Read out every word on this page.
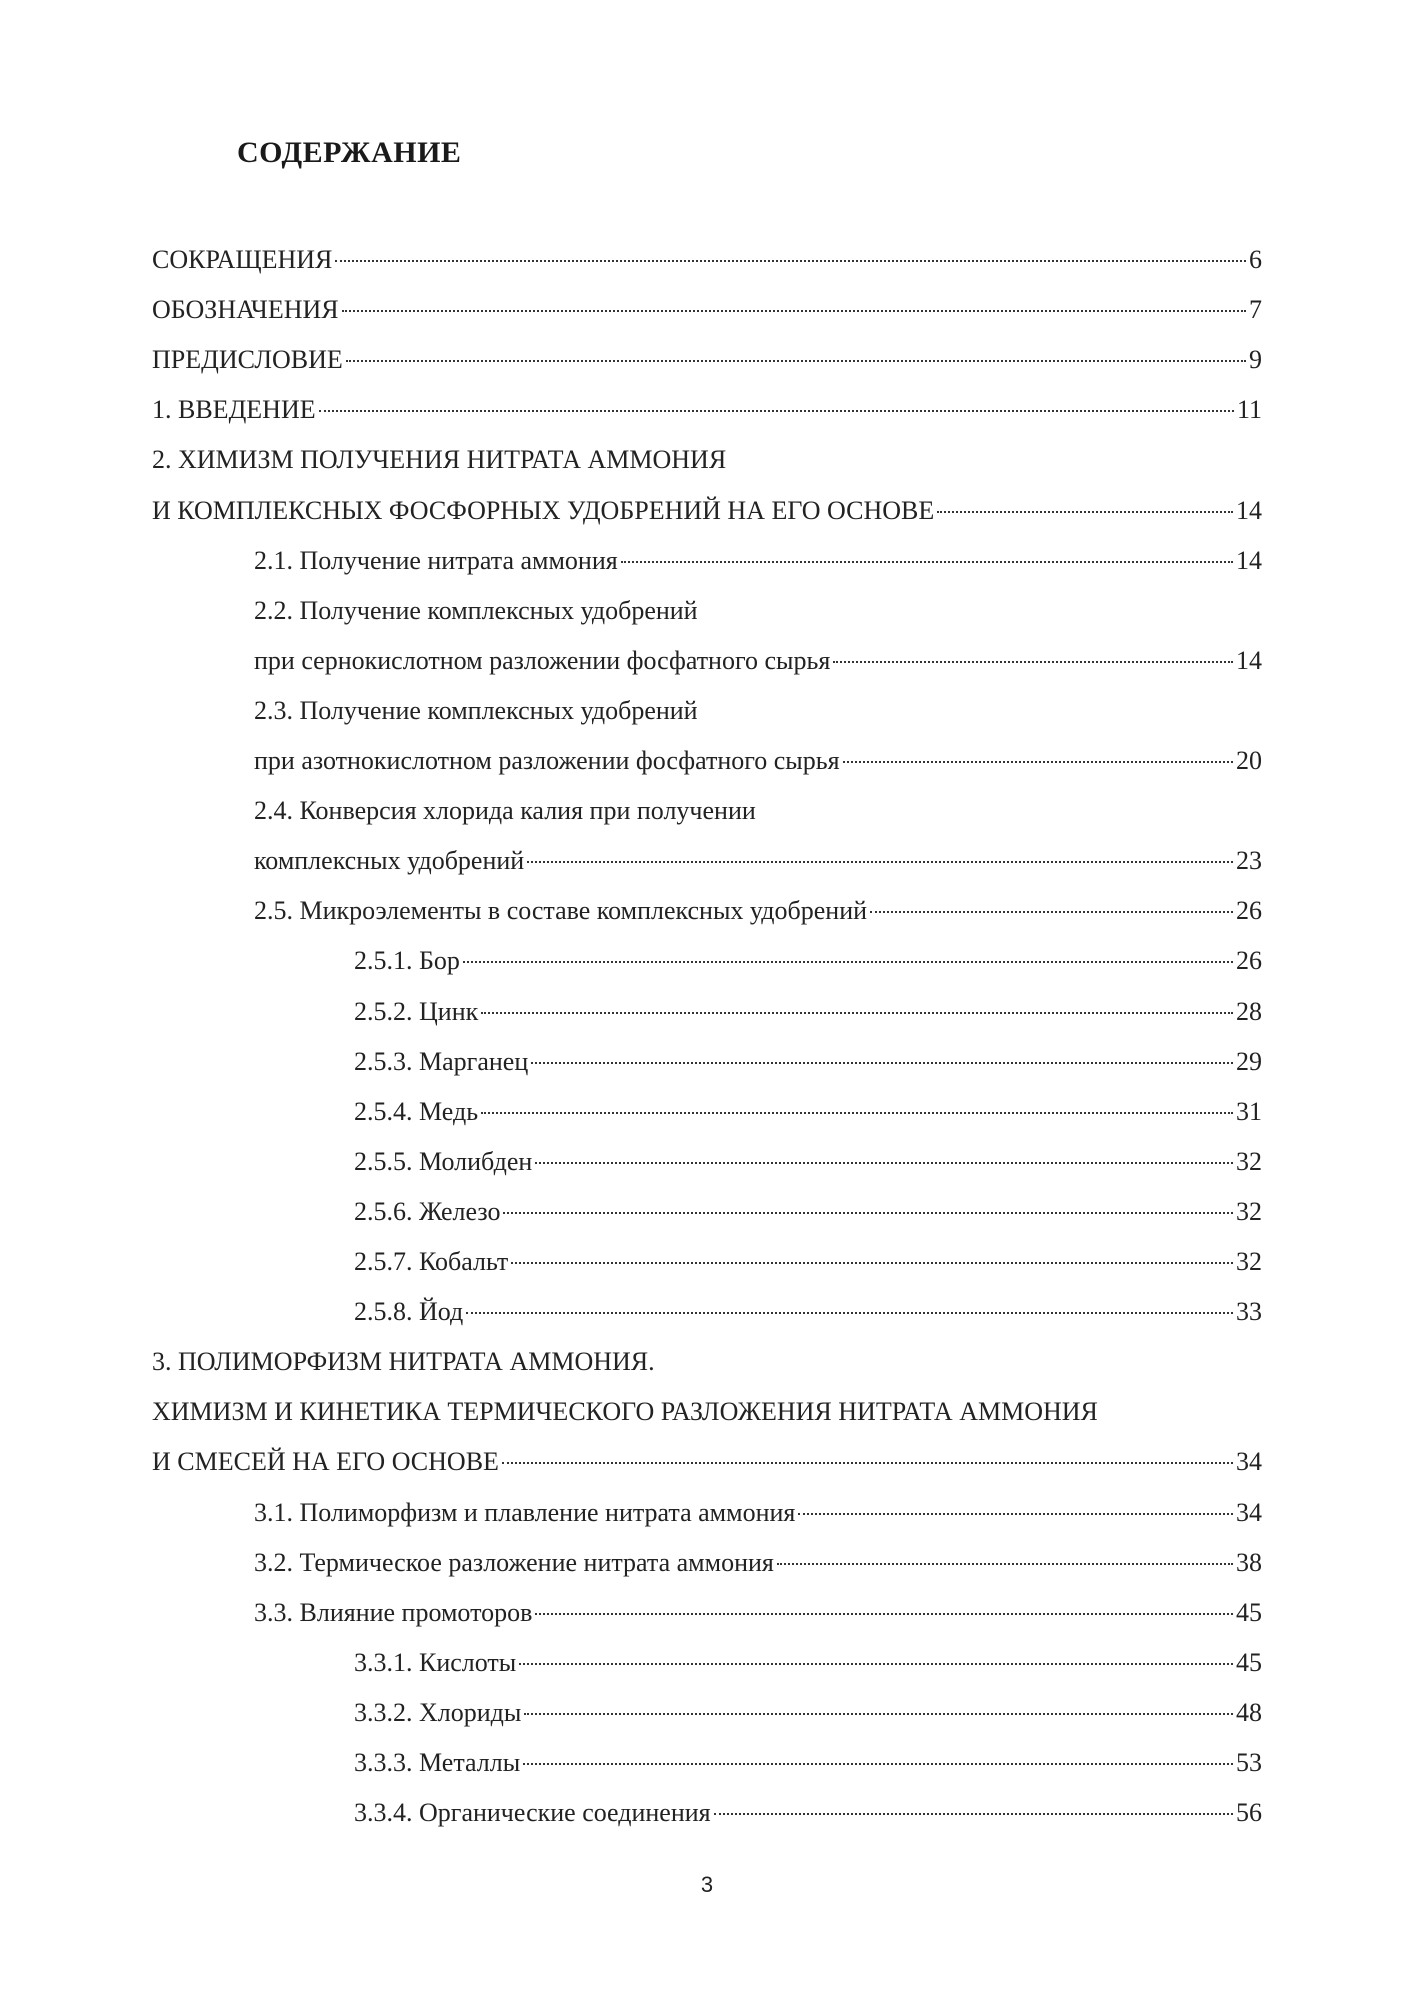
СОДЕРЖАНИЕ
СОКРАЩЕНИЯ	6
ОБОЗНАЧЕНИЯ	7
ПРЕДИСЛОВИЕ	9
1. ВВЕДЕНИЕ	11
2. ХИМИЗМ ПОЛУЧЕНИЯ НИТРАТА АММОНИЯ
И КОМПЛЕКСНЫХ ФОСФОРНЫХ УДОБРЕНИЙ НА ЕГО ОСНОВЕ	14
2.1. Получение нитрата аммония	14
2.2. Получение комплексных удобрений
при сернокислотном разложении фосфатного сырья	14
2.3. Получение комплексных удобрений
при азотнокислотном разложении фосфатного сырья	20
2.4. Конверсия хлорида калия при получении
комплексных удобрений	23
2.5. Микроэлементы в составе комплексных удобрений	26
2.5.1. Бор	26
2.5.2. Цинк	28
2.5.3. Марганец	29
2.5.4. Медь	31
2.5.5. Молибден	32
2.5.6. Железо	32
2.5.7. Кобальт	32
2.5.8. Йод	33
3. ПОЛИМОРФИЗМ НИТРАТА АММОНИЯ.
ХИМИЗМ И КИНЕТИКА ТЕРМИЧЕСКОГО РАЗЛОЖЕНИЯ НИТРАТА АММОНИЯ
И СМЕСЕЙ НА ЕГО ОСНОВЕ	34
3.1. Полиморфизм и плавление нитрата аммония	34
3.2. Термическое разложение нитрата аммония	38
3.3. Влияние промоторов	45
3.3.1. Кислоты	45
3.3.2. Хлориды	48
3.3.3. Металлы	53
3.3.4. Органические соединения	56
3
